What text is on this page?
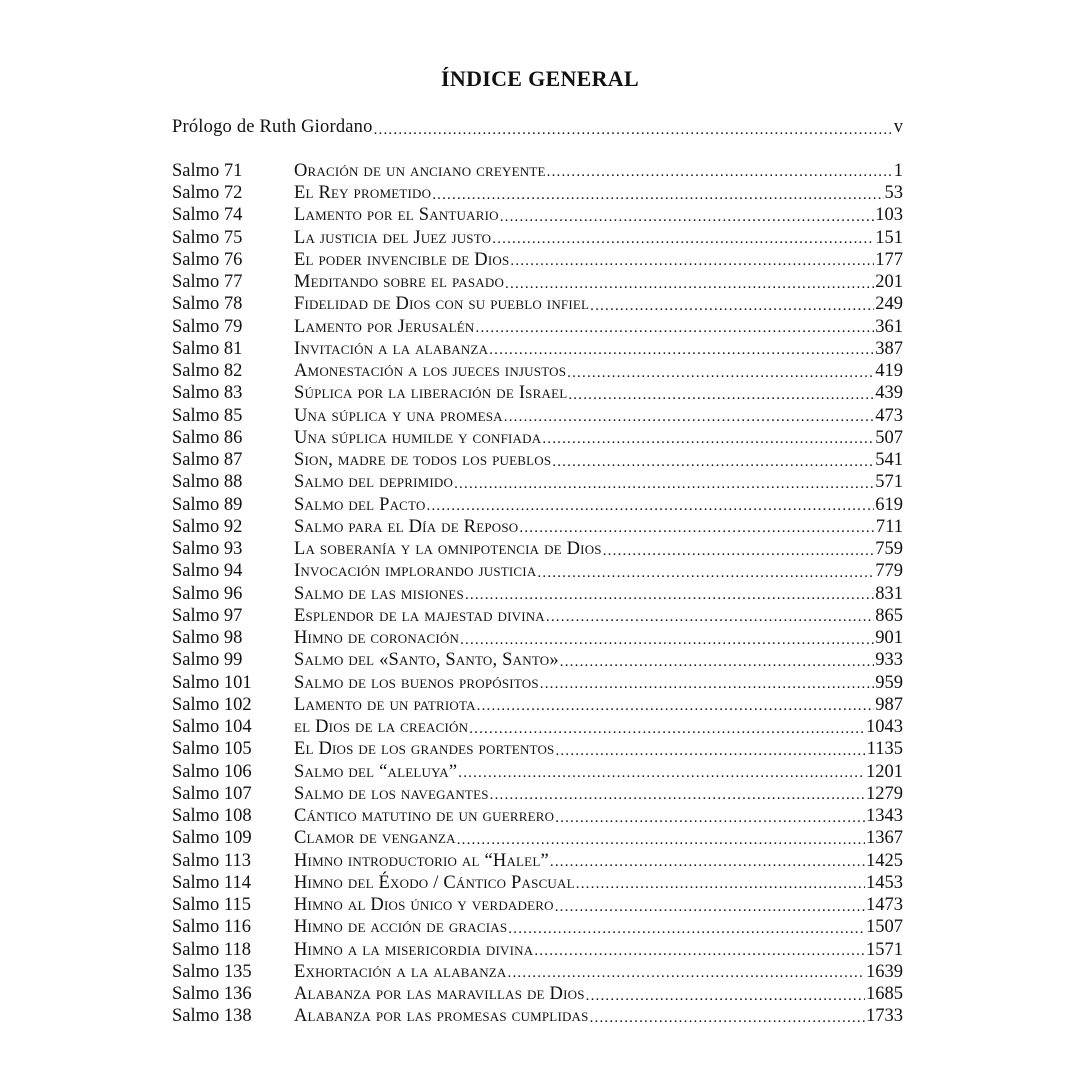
ÍNDICE GENERAL
Prólogo de Ruth Giordano .....	v
Salmo 71	Oración de un anciano creyente .....	1
Salmo 72	El Rey prometido .....	53
Salmo 74	Lamento por el Santuario .....	103
Salmo 75	La justicia del Juez justo .....	151
Salmo 76	El poder invencible de Dios .....	177
Salmo 77	Meditando sobre el pasado .....	201
Salmo 78	Fidelidad de Dios con su pueblo infiel .....	249
Salmo 79	Lamento por Jerusalén .....	361
Salmo 81	Invitación a la alabanza .....	387
Salmo 82	Amonestación a los jueces injustos .....	419
Salmo 83	Súplica por la liberación de Israel .....	439
Salmo 85	Una súplica y una promesa .....	473
Salmo 86	Una súplica humilde y confiada .....	507
Salmo 87	Sion, madre de todos los pueblos .....	541
Salmo 88	Salmo del deprimido .....	571
Salmo 89	Salmo del Pacto .....	619
Salmo 92	Salmo para el Día de Reposo .....	711
Salmo 93	La soberanía y la omnipotencia de Dios .....	759
Salmo 94	Invocación implorando justicia .....	779
Salmo 96	Salmo de las misiones .....	831
Salmo 97	Esplendor de la majestad divina .....	865
Salmo 98	Himno de coronación .....	901
Salmo 99	Salmo del «Santo, Santo, Santo» .....	933
Salmo 101	Salmo de los buenos propósitos .....	959
Salmo 102	Lamento de un patriota .....	987
Salmo 104	el Dios de la creación .....	1043
Salmo 105	El Dios de los grandes portentos .....	1135
Salmo 106	Salmo del “aleluya” .....	1201
Salmo 107	Salmo de los navegantes .....	1279
Salmo 108	Cántico matutino de un guerrero .....	1343
Salmo 109	Clamor de venganza .....	1367
Salmo 113	Himno introductorio al “Halel” .....	1425
Salmo 114	Himno del Éxodo / Cántico Pascual .....	1453
Salmo 115	Himno al Dios único y verdadero .....	1473
Salmo 116	Himno de acción de gracias .....	1507
Salmo 118	Himno a la misericordia divina .....	1571
Salmo 135	Exhortación a la alabanza .....	1639
Salmo 136	Alabanza por las maravillas de Dios .....	1685
Salmo 138	Alabanza por las promesas cumplidas .....	1733
